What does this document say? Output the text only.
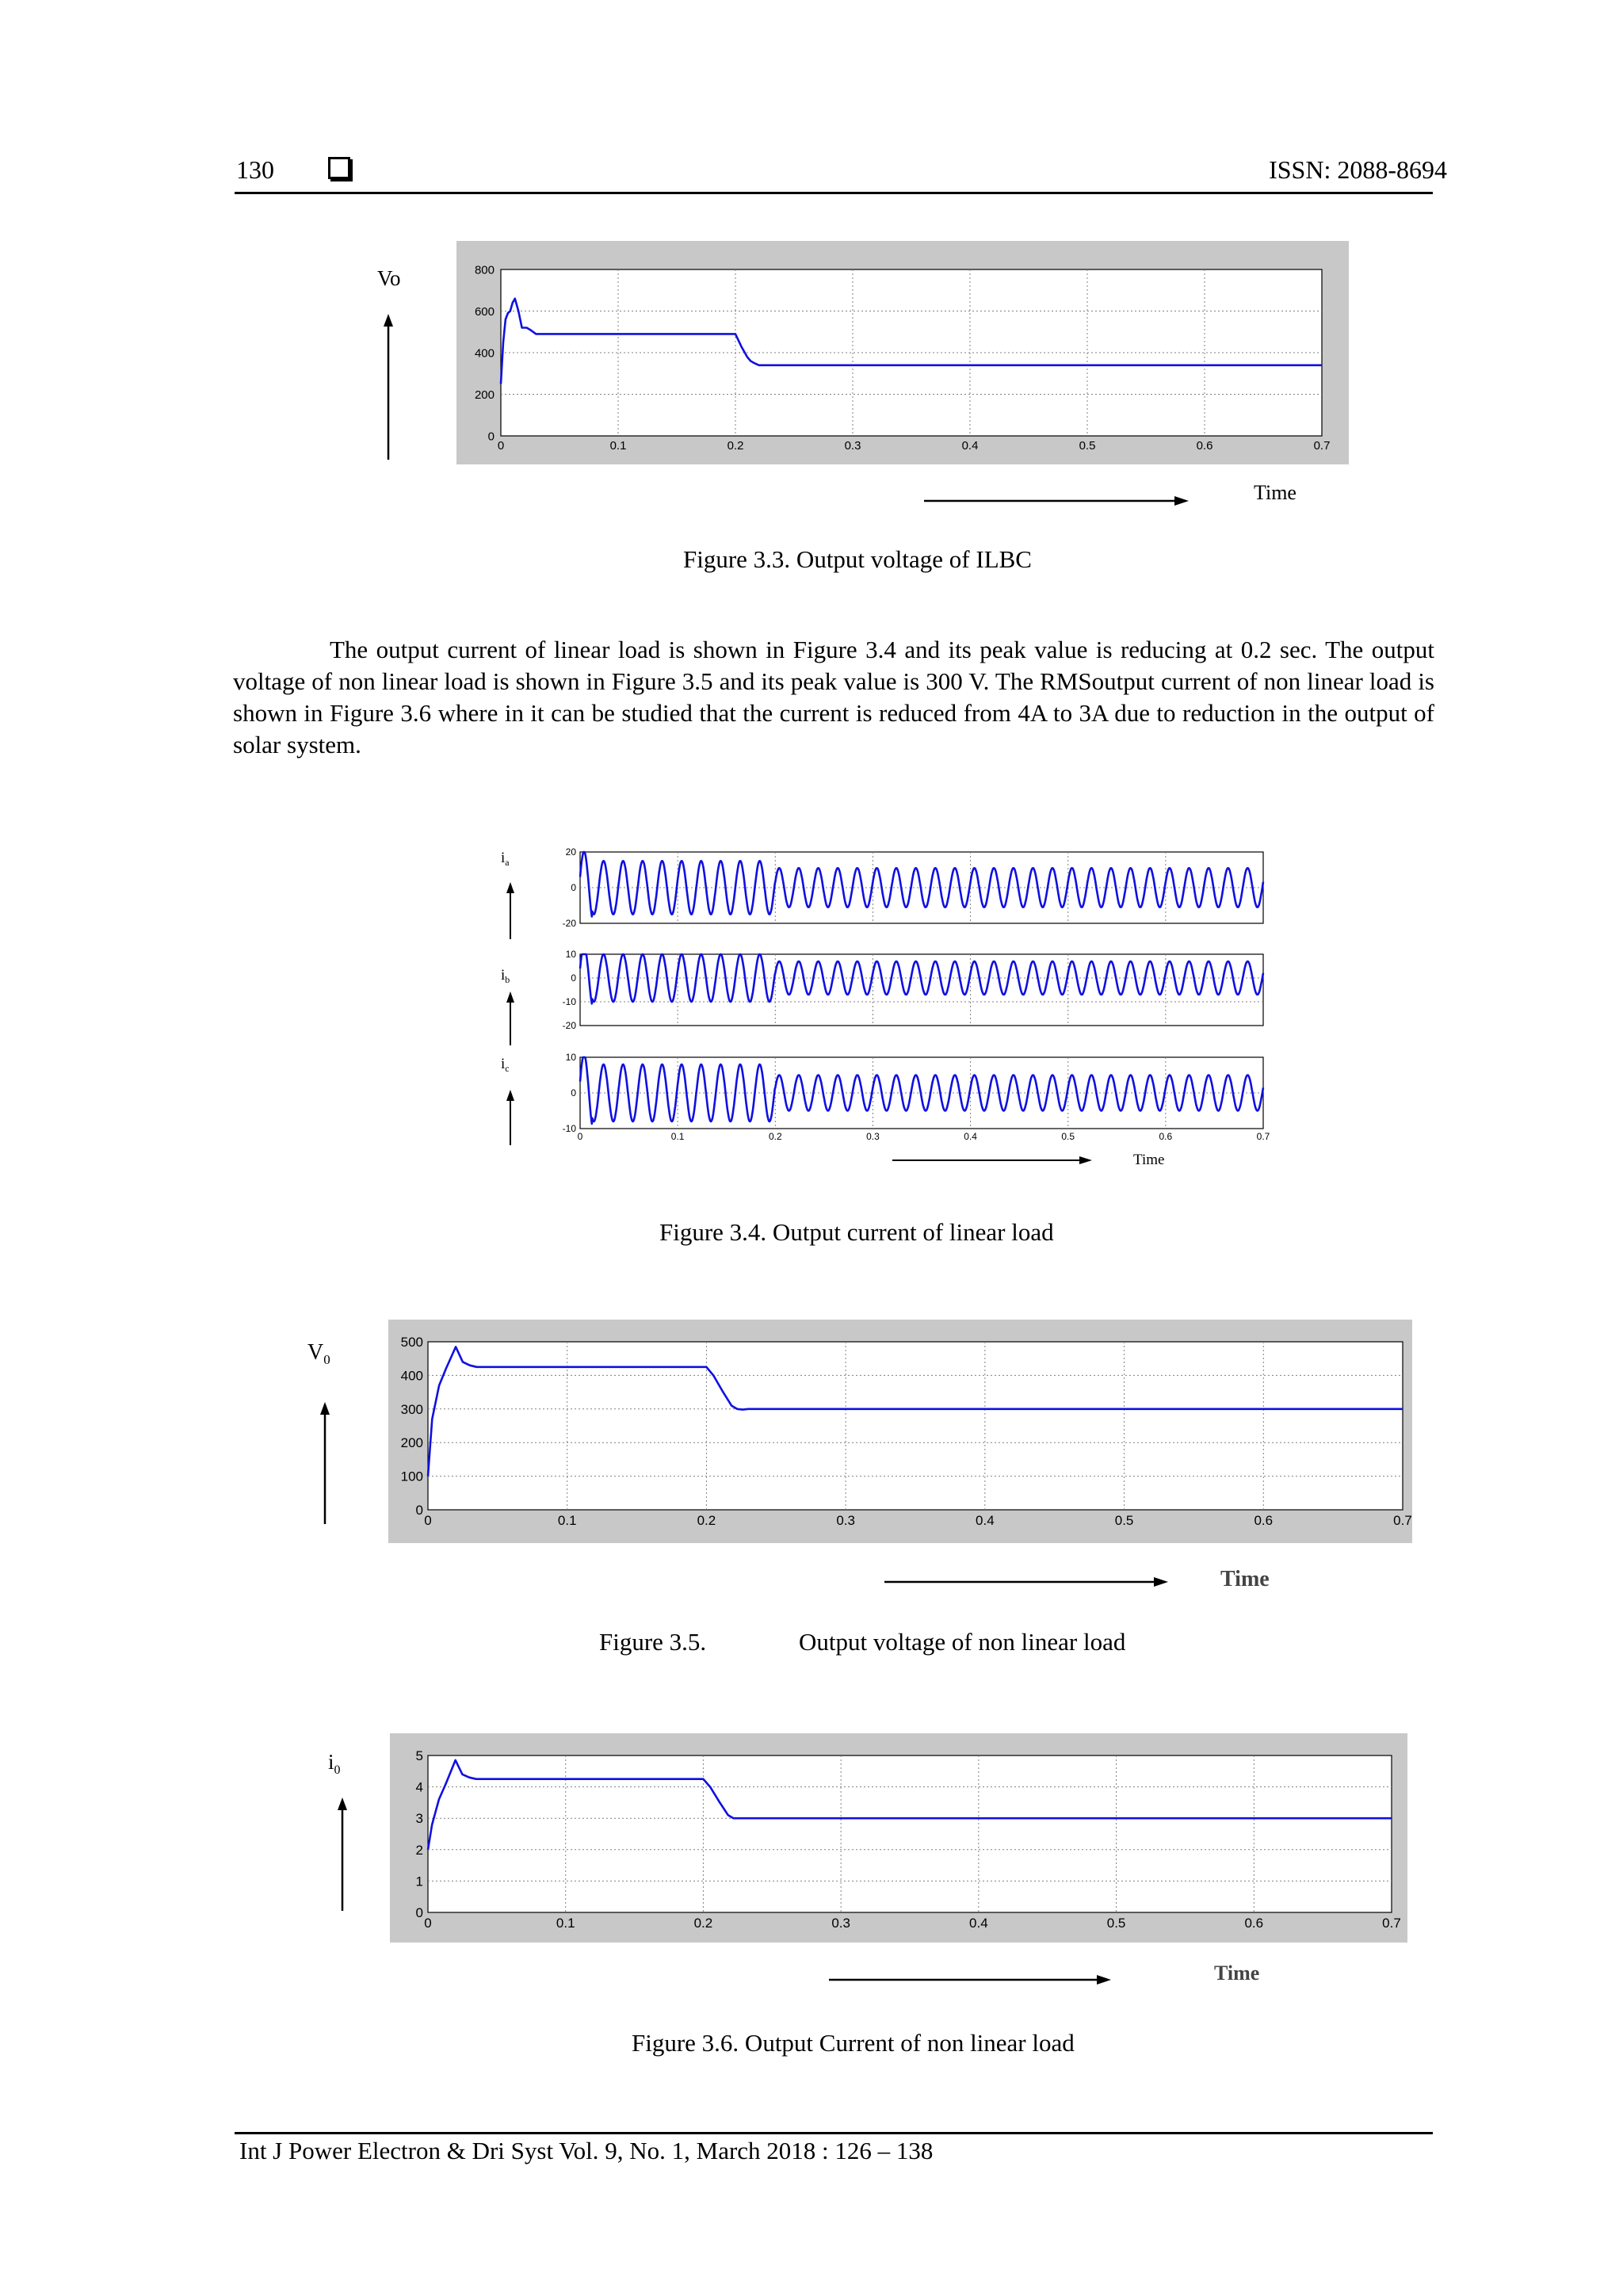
130	ISSN: 2088-8694
Vo
0
200
400
600
800
0	0.1	0.2	0.3	0.4	0.5	0.6	0.7
Time
Figure 3.3. Output voltage of ILBC
The output current of linear load is shown in Figure 3.4 and its peak value is reducing at 0.2 sec. The output voltage of non linear load is shown in Figure 3.5 and its peak value is 300 V. The RMSoutput current of non linear load is shown in Figure 3.6 where in it can be studied that the current is reduced from 4A to 3A due to reduction in the output of solar system.
$i_a$
$i_b$
$i_c$
20
0
-20
10
0
-10
-20
10
0
-10
0	0.1	0.2	0.3	0.4	0.5	0.6	0.7
Time
Figure 3.4. Output current of linear load
$V_0$
0
100
200
300
400
500
0	0.1	0.2	0.3	0.4	0.5	0.6	0.7
Time
Figure 3.5.	Output voltage of non linear load
$i_0$
0
1
2
3
4
5
0	0.1	0.2	0.3	0.4	0.5	0.6	0.7
Time
Figure 3.6. Output Current of non linear load
Int J Power Electron & Dri Syst Vol. 9, No. 1, March 2018 : 126 – 138
